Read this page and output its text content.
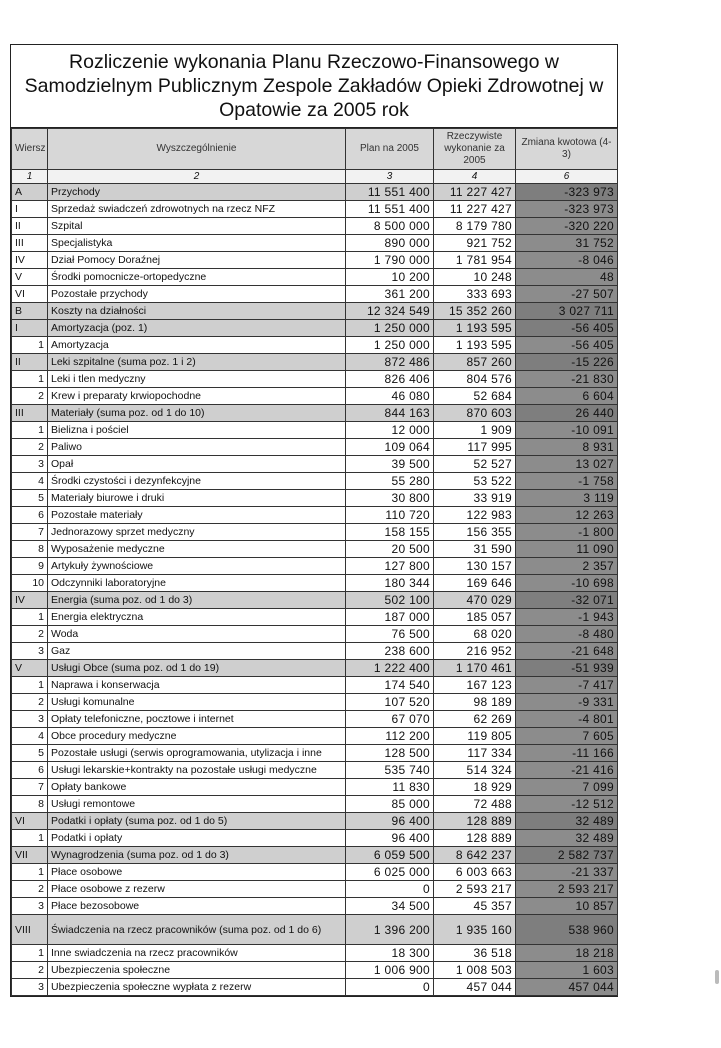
Rozliczenie wykonania Planu Rzeczowo-Finansowego w
Samodzielnym Publicznym Zespole Zakładów Opieki Zdrowotnej w
Opatowie za 2005 rok
Wiersz	Wyszczególnienie	Plan na 2005	Rzeczywiste wykonanie za 2005	Zmiana kwotowa (4-3)
1	2	3	4	6
A	Przychody	11 551 400	11 227 427	-323 973
I	Sprzedaż swiadczeń zdrowotnych na rzecz NFZ	11 551 400	11 227 427	-323 973
II	Szpital	8 500 000	8 179 780	-320 220
III	Specjalistyka	890 000	921 752	31 752
IV	Dział Pomocy Doraźnej	1 790 000	1 781 954	-8 046
V	Środki pomocnicze-ortopedyczne	10 200	10 248	48
VI	Pozostałe przychody	361 200	333 693	-27 507
B	Koszty na działności	12 324 549	15 352 260	3 027 711
I	Amortyzacja (poz. 1)	1 250 000	1 193 595	-56 405
1	Amortyzacja	1 250 000	1 193 595	-56 405
II	Leki szpitalne (suma poz. 1 i 2)	872 486	857 260	-15 226
1	Leki i tlen medyczny	826 406	804 576	-21 830
2	Krew i preparaty krwiopochodne	46 080	52 684	6 604
III	Materiały (suma poz. od 1 do 10)	844 163	870 603	26 440
1	Bielizna i pościel	12 000	1 909	-10 091
2	Paliwo	109 064	117 995	8 931
3	Opał	39 500	52 527	13 027
4	Środki czystości i dezynfekcyjne	55 280	53 522	-1 758
5	Materiały biurowe i druki	30 800	33 919	3 119
6	Pozostałe materiały	110 720	122 983	12 263
7	Jednorazowy sprzet medyczny	158 155	156 355	-1 800
8	Wyposażenie medyczne	20 500	31 590	11 090
9	Artykuły żywnościowe	127 800	130 157	2 357
10	Odczynniki laboratoryjne	180 344	169 646	-10 698
IV	Energia (suma poz. od 1 do 3)	502 100	470 029	-32 071
1	Energia elektryczna	187 000	185 057	-1 943
2	Woda	76 500	68 020	-8 480
3	Gaz	238 600	216 952	-21 648
V	Usługi Obce (suma poz. od 1 do 19)	1 222 400	1 170 461	-51 939
1	Naprawa i konserwacja	174 540	167 123	-7 417
2	Usługi komunalne	107 520	98 189	-9 331
3	Opłaty telefoniczne, pocztowe i internet	67 070	62 269	-4 801
4	Obce procedury medyczne	112 200	119 805	7 605
5	Pozostałe usługi (serwis oprogramowania, utylizacja i inne	128 500	117 334	-11 166
6	Usługi lekarskie+kontrakty na pozostałe usługi medyczne	535 740	514 324	-21 416
7	Opłaty bankowe	11 830	18 929	7 099
8	Usługi remontowe	85 000	72 488	-12 512
VI	Podatki i opłaty (suma poz. od 1 do 5)	96 400	128 889	32 489
1	Podatki i opłaty	96 400	128 889	32 489
VII	Wynagrodzenia (suma poz. od 1 do 3)	6 059 500	8 642 237	2 582 737
1	Płace osobowe	6 025 000	6 003 663	-21 337
2	Płace osobowe z rezerw	0	2 593 217	2 593 217
3	Płace bezosobowe	34 500	45 357	10 857
VIII	Świadczenia na rzecz pracowników (suma poz. od 1 do 6)	1 396 200	1 935 160	538 960
1	Inne swiadczenia na rzecz pracowników	18 300	36 518	18 218
2	Ubezpieczenia społeczne	1 006 900	1 008 503	1 603
3	Ubezpieczenia społeczne wypłata z rezerw	0	457 044	457 044
